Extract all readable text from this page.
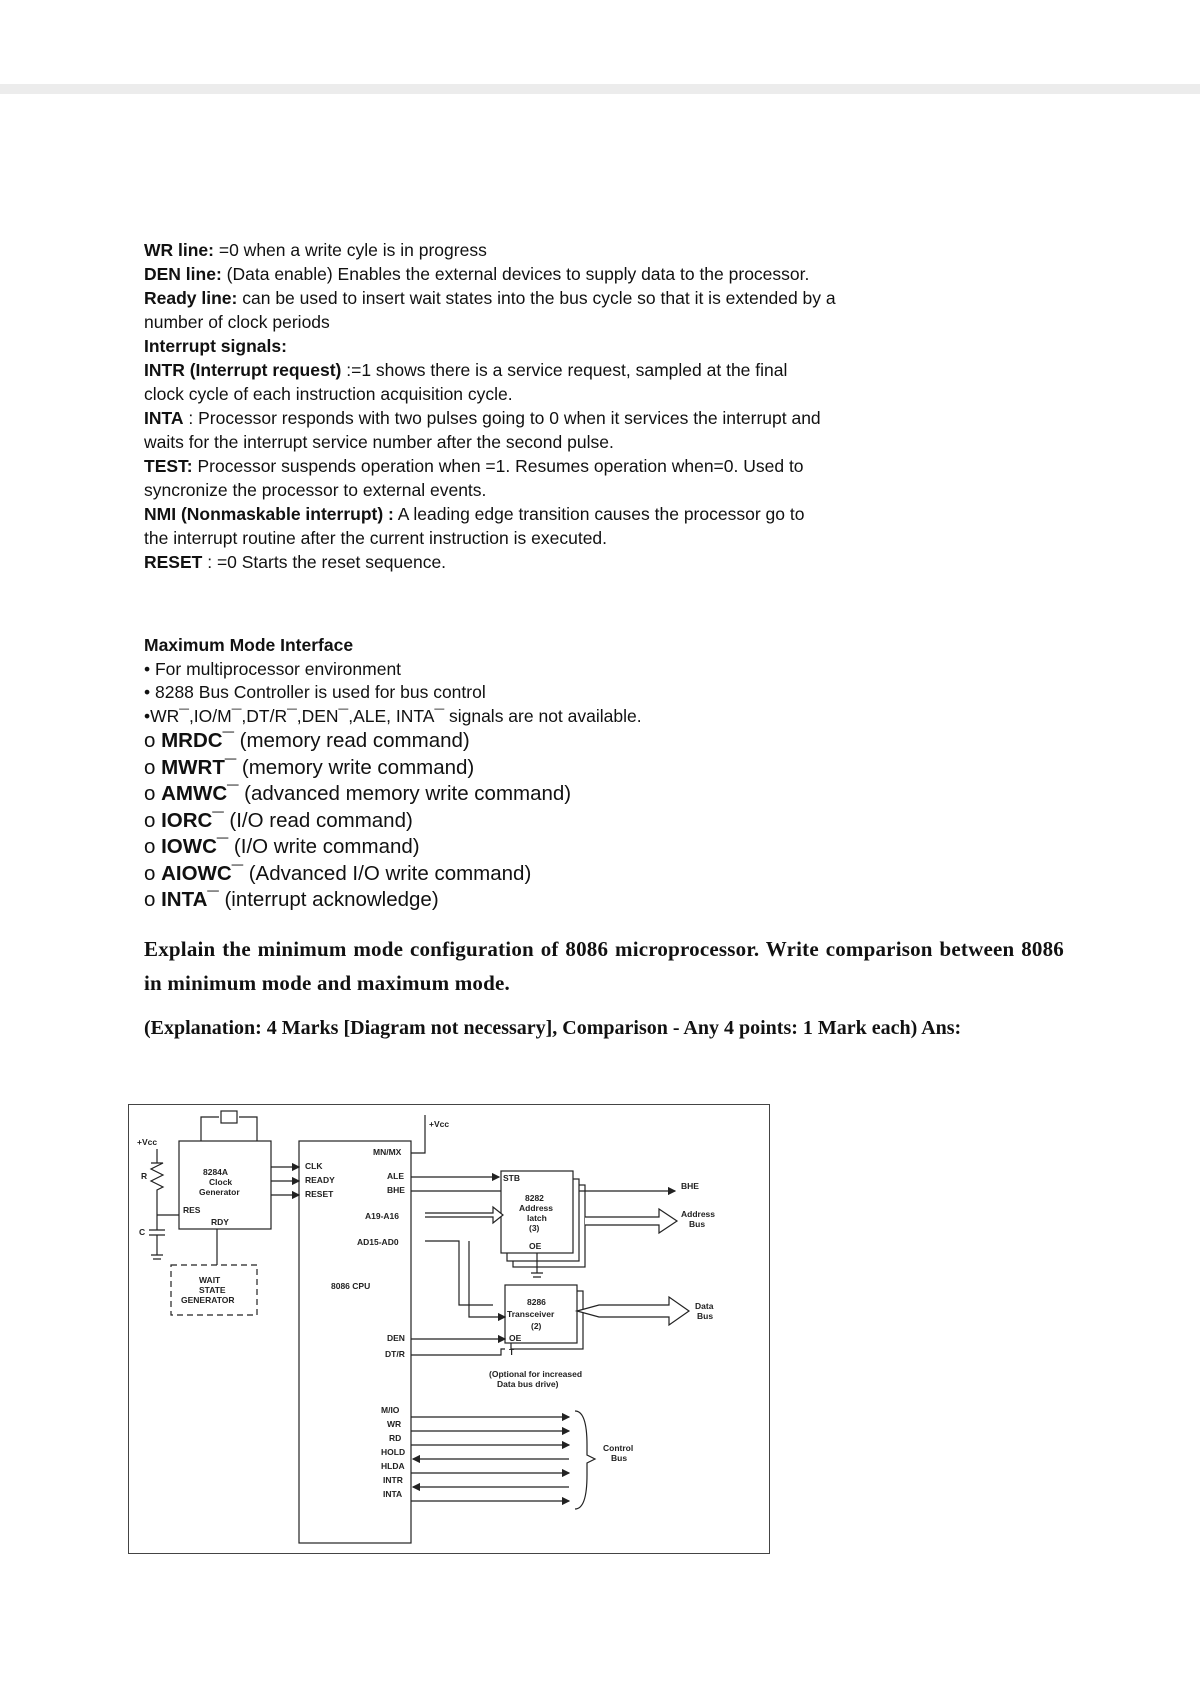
WR line: =0 when a write cyle is in progress
DEN line: (Data enable) Enables the external devices to supply data to the processor.
Ready line: can be used to insert wait states into the bus cycle so that it is extended by a
number of clock periods
Interrupt signals:
INTR (Interrupt request) :=1 shows there is a service request, sampled at the final
clock cycle of each instruction acquisition cycle.
INTA : Processor responds with two pulses going to 0 when it services the interrupt and
waits for the interrupt service number after the second pulse.
TEST: Processor suspends operation when =1. Resumes operation when=0. Used to
syncronize the processor to external events.
NMI (Nonmaskable interrupt) : A leading edge transition causes the processor go to
the interrupt routine after the current instruction is executed.
RESET : =0 Starts the reset sequence.
Maximum Mode Interface
• For multiprocessor environment
• 8288 Bus Controller is used for bus control
•WR¯,IO/M¯,DT/R¯,DEN¯,ALE, INTA¯ signals are not available.
o MRDC¯ (memory read command)
o MWRT¯ (memory write command)
o AMWC¯ (advanced memory write command)
o IORC¯ (I/O read command)
o IOWC¯ (I/O write command)
o AIOWC¯ (Advanced I/O write command)
o INTA¯ (interrupt acknowledge)
Explain the minimum mode configuration of 8086 microprocessor. Write comparison between 8086 in minimum mode and maximum mode.
(Explanation: 4 Marks [Diagram not necessary], Comparison - Any 4 points: 1 Mark each) Ans:
+Vcc
+Vcc
R
C
8284A
Clock
Generator
RES
RDY
WAIT
STATE
GENERATOR
CLK
READY
RESET
MN/MX
ALE
BHE
A19-A16
AD15-AD0
8086 CPU
DEN
DT/R
STB
8282
Address
latch
(3)
OE
BHE
Address
Bus
8286
Transceiver
(2)
OE
T
Data
Bus
(Optional for increased
Data bus drive)
M/IO
WR
RD
HOLD
HLDA
INTR
INTA
Control
Bus
